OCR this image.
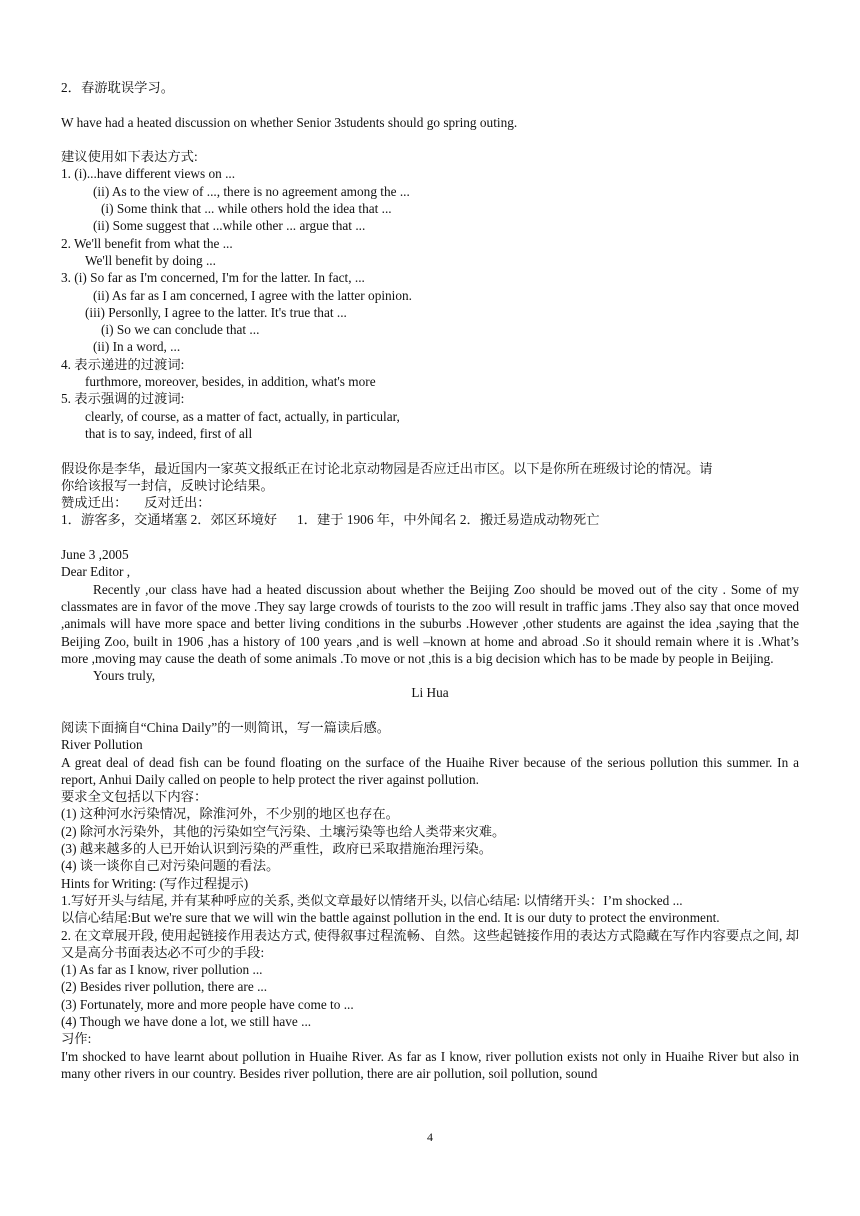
2．春游耽误学习。
W have had a heated discussion on whether Senior 3students should go spring outing.
建议使用如下表达方式:
1. (i)...have different views on ...
(ii) As to the view of ..., there is no agreement among the ...
(i) Some think that ... while others hold the idea that ...
(ii) Some suggest that ...while other ... argue that ...
2. We'll benefit from what the ...
We'll benefit by doing ...
3. (i) So far as I'm concerned, I'm for the latter. In fact, ...
(ii) As far as I am concerned, I agree with the latter opinion.
(iii) Personlly, I agree to the latter. It's true that ...
(i) So we can conclude that ...
(ii) In a word, ...
4. 表示递进的过渡词:
furthmore, moreover, besides, in addition, what's more
5. 表示强调的过渡词:
clearly, of course, as a matter of fact, actually, in particular,
that is to say, indeed, first of all
假设你是李华，最近国内一家英文报纸正在讨论北京动物园是否应迁出市区。以下是你所在班级讨论的情况。请
你给该报写一封信，反映讨论结果。
赞成迁出：     反对迁出：
1．游客多，交通堵塞 2．郊区环境好      1．建于 1906 年，中外闻名 2．搬迁易造成动物死亡
June 3 ,2005
Dear Editor ,

Recently ,our class have had a heated discussion about whether the Beijing Zoo should be moved out of the city . Some of my classmates are in favor of the move .They say large crowds of tourists to the zoo will result in traffic jams .They also say that once moved ,animals will have more space and better living conditions in the suburbs .However ,other students are against the idea ,saying that the Beijing Zoo, built in 1906 ,has a history of 100 years ,and is well –known at home and abroad .So it should remain where it is .What’s more ,moving may cause the death of some animals .To move or not ,this is a big decision which has to be made by people in Beijing.

Yours truly,
Li Hua
阅读下面摘自“China Daily”的一则简讯，写一篇读后感。
River Pollution

A great deal of dead fish can be found floating on the surface of the Huaihe River because of the serious pollution this summer. In a report, Anhui Daily called on people to help protect the river against pollution.

要求全文包括以下内容：
(1) 这种河水污染情况，除淮河外，不少别的地区也存在。
(2) 除河水污染外，其他的污染如空气污染、土壤污染等也给人类带来灾难。
(3) 越来越多的人已开始认识到污染的严重性，政府已采取措施治理污染。
(4) 谈一谈你自己对污染问题的看法。
Hints for Writing: (写作过程提示)
1.写好开头与结尾, 并有某种呼应的关系, 类似文章最好以情绪开头, 以信心结尾: 以情绪开头：I’m shocked ...

以信心结尾:But we're sure that we will win the battle against pollution in the end. It is our duty to protect the environment.

2. 在文章展开段, 使用起链接作用表达方式, 使得叙事过程流畅、自然。这些起链接作用的表达方式隐藏在写作内容要点之间, 却又是高分书面表达必不可少的手段:

(1) As far as I know, river pollution ...
(2) Besides river pollution, there are ...
(3) Fortunately, more and more people have come to ...
(4) Though we have done a lot, we still have ...
习作:

I'm shocked to have learnt about pollution in Huaihe River. As far as I know, river pollution exists not only in Huaihe River but also in many other rivers in our country. Besides river pollution, there are air pollution, soil pollution, sound

4
